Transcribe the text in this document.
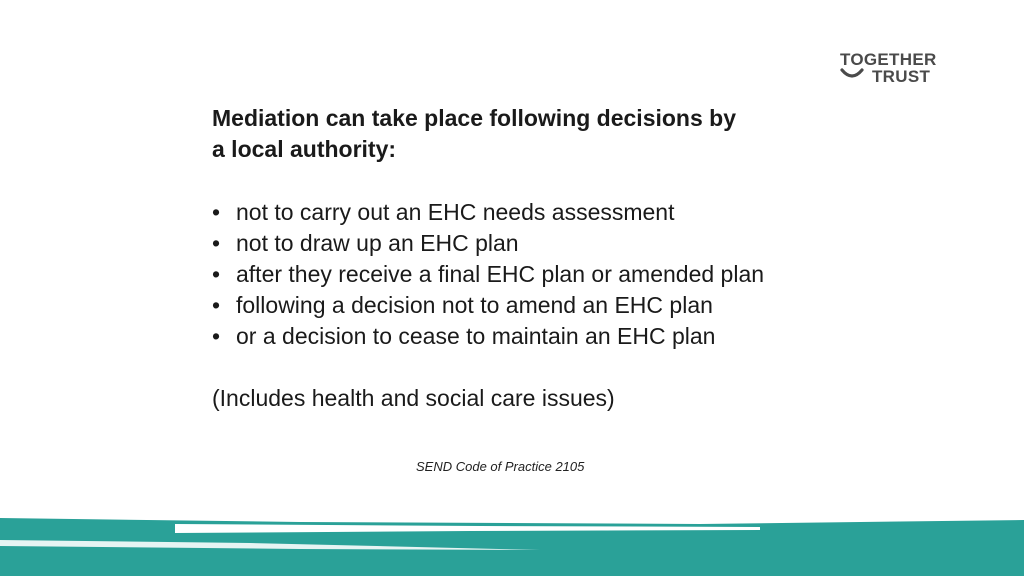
TOGETHER
TRUST

Mediation can take place following decisions by
a local authority:

• not to carry out an EHC needs assessment
• not to draw up an EHC plan
• after they receive a final EHC plan or amended plan
• following a decision not to amend an EHC plan
• or a decision to cease to maintain an EHC plan

(Includes health and social care issues)

SEND Code of Practice 2105
